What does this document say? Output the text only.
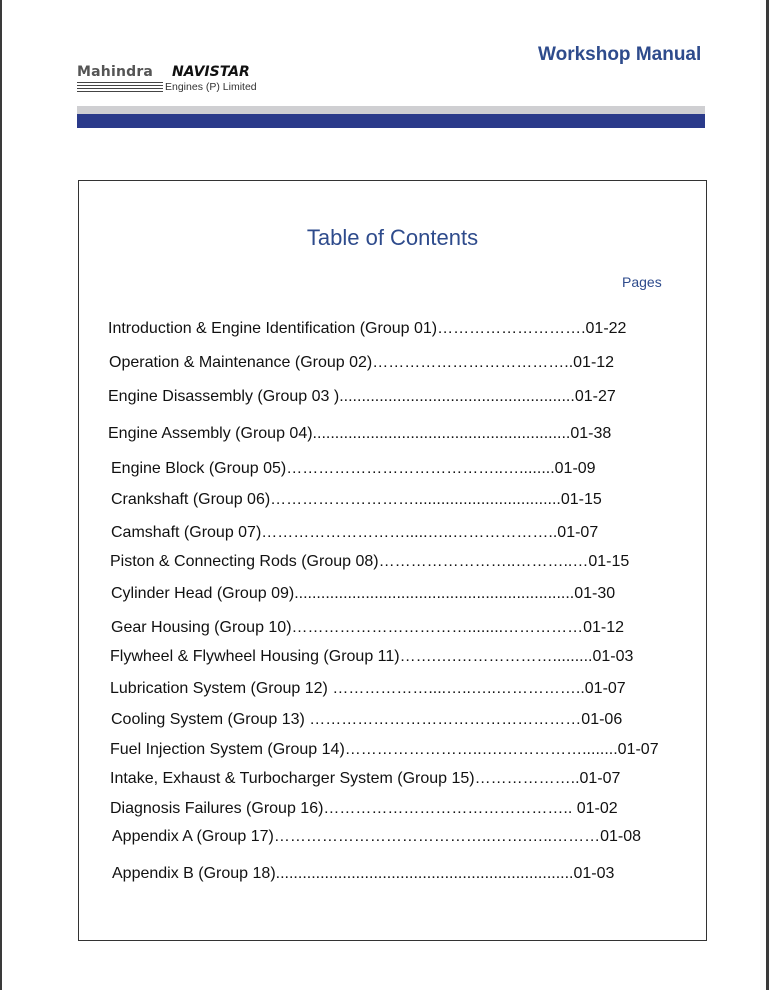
Workshop Manual
Mahindra NAVISTAR
Engines (P) Limited
Table of Contents
Pages
Introduction & Engine Identification (Group 01)……………………….01-22
Operation & Maintenance (Group 02)………………………………..01-12
Engine Disassembly (Group 03 ).....................................................01-27
Engine Assembly (Group 04)..........................................................01-38
Engine Block (Group 05)…………………………………..…........01-09
Crankshaft (Group 06)……………………….................................01-15
Camshaft (Group 07)……………………….....…..………………..01-07
Piston & Connecting Rods (Group 08)……………………..………..…01-15
Cylinder Head (Group 09)...............................................................01-30
Gear Housing (Group 10)……………………………........……………01-12
Flywheel & Flywheel Housing (Group 11)…….….……………….........01-03
Lubrication System (Group 12) ………………....…..…..……………..01-07
Cooling System (Group 13) ……………………………………………01-06
Fuel Injection System (Group 14)……………………..….……………........01-07
Intake, Exhaust & Turbocharger System (Group 15)………………..01-07
Diagnosis Failures (Group 16)……………………………………….. 01-02
Appendix A (Group 17)…………………………………..…….…..………01-08
Appendix B (Group 18)...................................................................01-03
